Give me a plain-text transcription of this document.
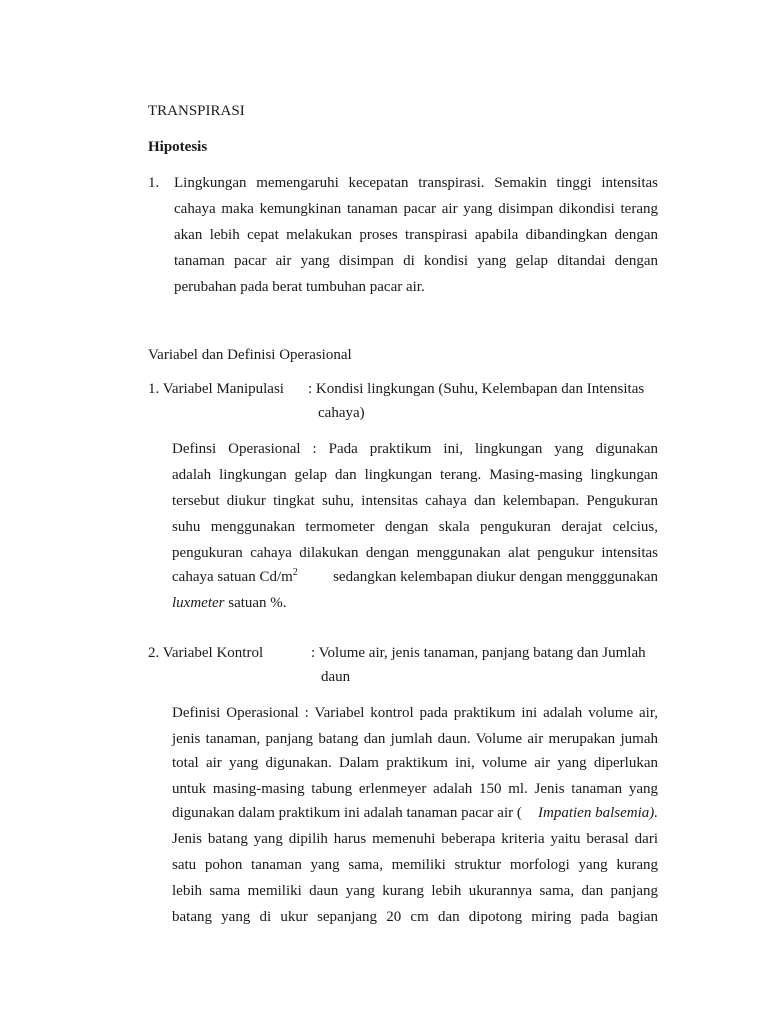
TRANSPIRASI
Hipotesis
1. Lingkungan memengaruhi kecepatan transpirasi. Semakin tinggi intensitas
cahaya maka kemungkinan tanaman pacar air yang disimpan dikondisi terang
akan lebih cepat melakukan proses transpirasi apabila dibandingkan dengan
tanaman pacar air yang disimpan di kondisi yang gelap ditandai dengan
perubahan pada berat tumbuhan pacar air.
Variabel dan Definisi Operasional
1. Variabel Manipulasi : Kondisi lingkungan (Suhu, Kelembapan dan Intensitas
cahaya)
Definsi Operasional : Pada praktikum ini, lingkungan yang digunakan
adalah lingkungan gelap dan lingkungan terang. Masing-masing lingkungan
tersebut diukur tingkat suhu, intensitas cahaya dan kelembapan. Pengukuran
suhu menggunakan termometer dengan skala pengukuran derajat celcius,
pengukuran cahaya dilakukan dengan menggunakan alat pengukur intensitas
cahaya satuan $Cd/m^2$ sedangkan kelembapan diukur dengan mengggunakan
luxmeter satuan %.
2. Variabel Kontrol	: Volume air, jenis tanaman, panjang batang dan Jumlah
daun
Definisi Operasional : Variabel kontrol pada praktikum ini adalah volume air,
jenis tanaman, panjang batang dan jumlah daun. Volume air merupakan jumah
total air yang digunakan. Dalam praktikum ini, volume air yang diperlukan
untuk masing-masing tabung erlenmeyer adalah 150 ml. Jenis tanaman yang
digunakan dalam praktikum ini adalah tanaman pacar air ( Impatien balsemia).
Jenis batang yang dipilih harus memenuhi beberapa kriteria yaitu berasal dari
satu pohon tanaman yang sama, memiliki struktur morfologi yang kurang
lebih sama memiliki daun yang kurang lebih ukurannya sama, dan panjang
batang yang di ukur sepanjang 20 cm dan dipotong miring pada bagian
